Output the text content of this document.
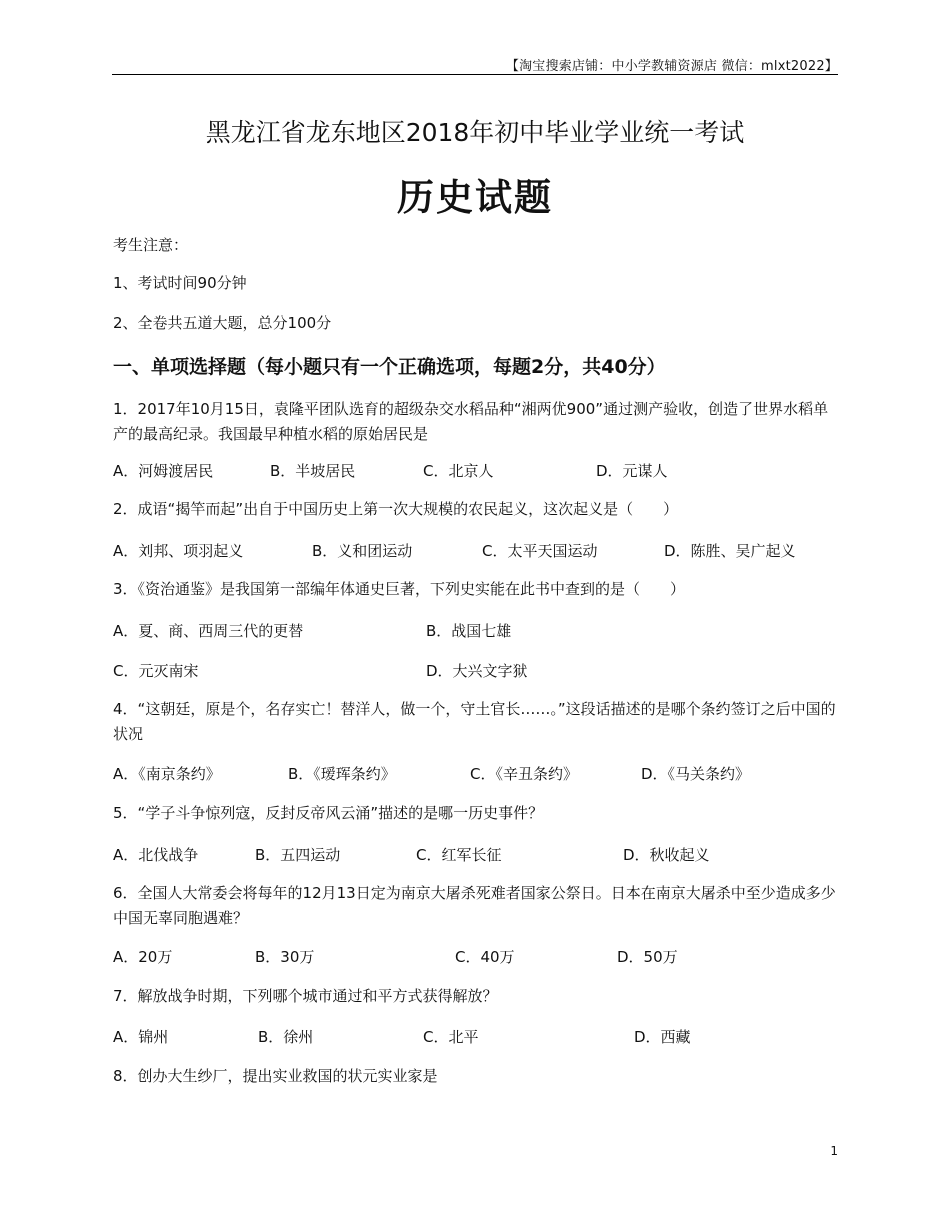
【淘宝搜索店铺：中小学教辅资源店 微信：mlxt2022】
黑龙江省龙东地区2018年初中毕业学业统一考试
历史试题
考生注意：
1、考试时间90分钟
2、全卷共五道大题，总分100分
一、单项选择题（每小题只有一个正确选项，每题2分，共40分）
1．2017年10月15日，袁隆平团队选育的超级杂交水稻品种“湘两优900”通过测产验收，创造了世界水稻单产的最高纪录。我国最早种植水稻的原始居民是
A．河姆渡居民	B．半坡居民	C．北京人	D．元谋人
2．成语“揭竿而起”出自于中国历史上第一次大规模的农民起义，这次起义是（　　）
A．刘邦、项羽起义	B．义和团运动	C．太平天国运动	D．陈胜、吴广起义
3．《资治通鉴》是我国第一部编年体通史巨著，下列史实能在此书中查到的是（　　）
A．夏、商、西周三代的更替	B．战国七雄
C．元灭南宋	D．大兴文字狱
4．“这朝廷，原是个，名存实亡！替洋人，做一个，守土官长……。”这段话描述的是哪个条约签订之后中国的状况
A．《南京条约》	B．《瑷珲条约》	C．《辛丑条约》	D．《马关条约》
5．“学子斗争惊列寇，反封反帝风云涌”描述的是哪一历史事件？
A．北伐战争	B．五四运动	C．红军长征	D．秋收起义
6．全国人大常委会将每年的12月13日定为南京大屠杀死难者国家公祭日。日本在南京大屠杀中至少造成多少中国无辜同胞遇难？
A．20万	B．30万	C．40万	D．50万
7．解放战争时期，下列哪个城市通过和平方式获得解放？
A．锦州	B．徐州	C．北平	D．西藏
8．创办大生纱厂，提出实业救国的状元实业家是
1
